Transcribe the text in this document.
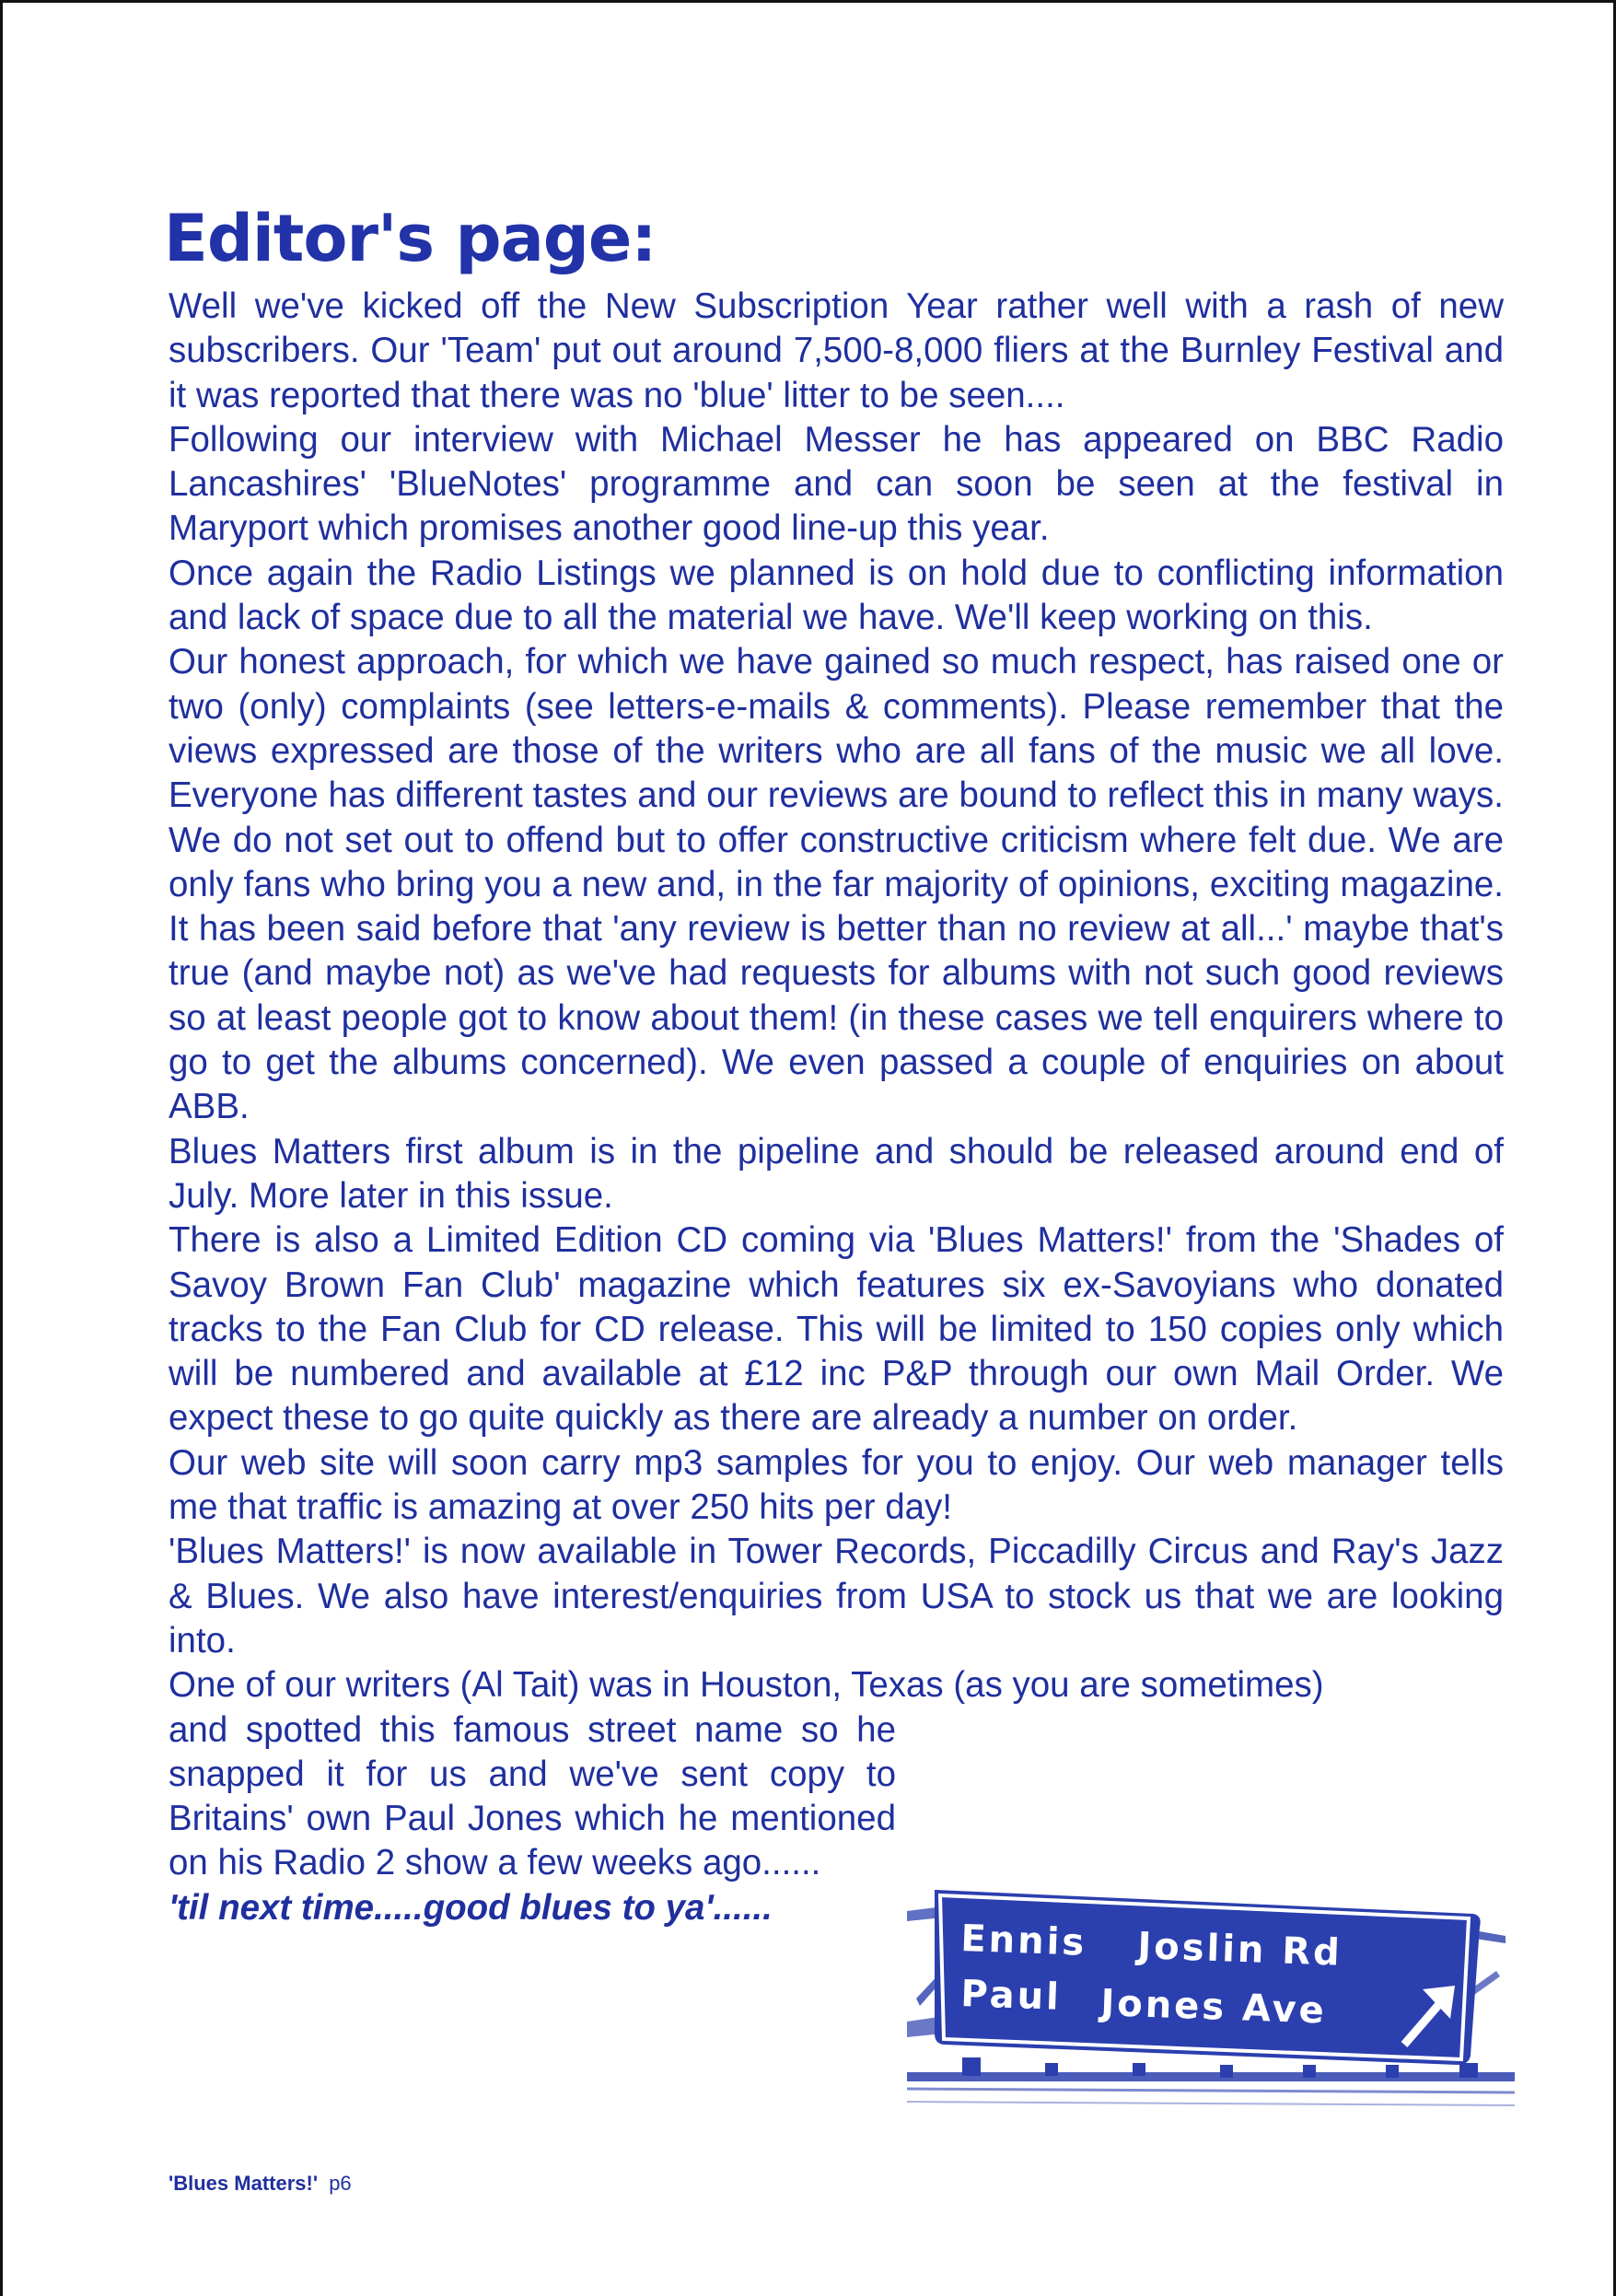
Editor's page:

Well we've kicked off the New Subscription Year rather well with a rash of new subscribers. Our 'Team' put out around 7,500-8,000 fliers at the Burnley Festival and it was reported that there was no 'blue' litter to be seen....

Following our interview with Michael Messer he has appeared on BBC Radio Lancashires' 'BlueNotes' programme and can soon be seen at the festival in Maryport which promises another good line-up this year.

Once again the Radio Listings we planned is on hold due to conflicting information and lack of space due to all the material we have. We'll keep working on this.

Our honest approach, for which we have gained so much respect, has raised one or two (only) complaints (see letters-e-mails & comments). Please remember that the views expressed are those of the writers who are all fans of the music we all love. Everyone has different tastes and our reviews are bound to reflect this in many ways. We do not set out to offend but to offer constructive criticism where felt due. We are only fans who bring you a new and, in the far majority of opinions, exciting magazine. It has been said before that 'any review is better than no review at all...' maybe that's true (and maybe not) as we've had requests for albums with not such good reviews so at least people got to know about them! (in these cases we tell enquirers where to go to get the albums concerned). We even passed a couple of enquiries on about ABB.

Blues Matters first album is in the pipeline and should be released around end of July. More later in this issue.

There is also a Limited Edition CD coming via 'Blues Matters!' from the 'Shades of Savoy Brown Fan Club' magazine which features six ex-Savoyians who donated tracks to the Fan Club for CD release. This will be limited to 150 copies only which will be numbered and available at £12 inc P&P through our own Mail Order. We expect these to go quite quickly as there are already a number on order.

Our web site will soon carry mp3 samples for you to enjoy. Our web manager tells me that traffic is amazing at over 250 hits per day!

'Blues Matters!' is now available in Tower Records, Piccadilly Circus and Ray's Jazz & Blues. We also have interest/enquiries from USA to stock us that we are looking into.

One of our writers (Al Tait) was in Houston, Texas (as you are sometimes)

and spotted this famous street name so he snapped it for us and we've sent copy to Britains' own Paul Jones which he mentioned on his Radio 2 show a few weeks ago......

'til next time.....good blues to ya'......

Ennis Joslin Rd
Paul Jones Ave
'Blues Matters!' p6
